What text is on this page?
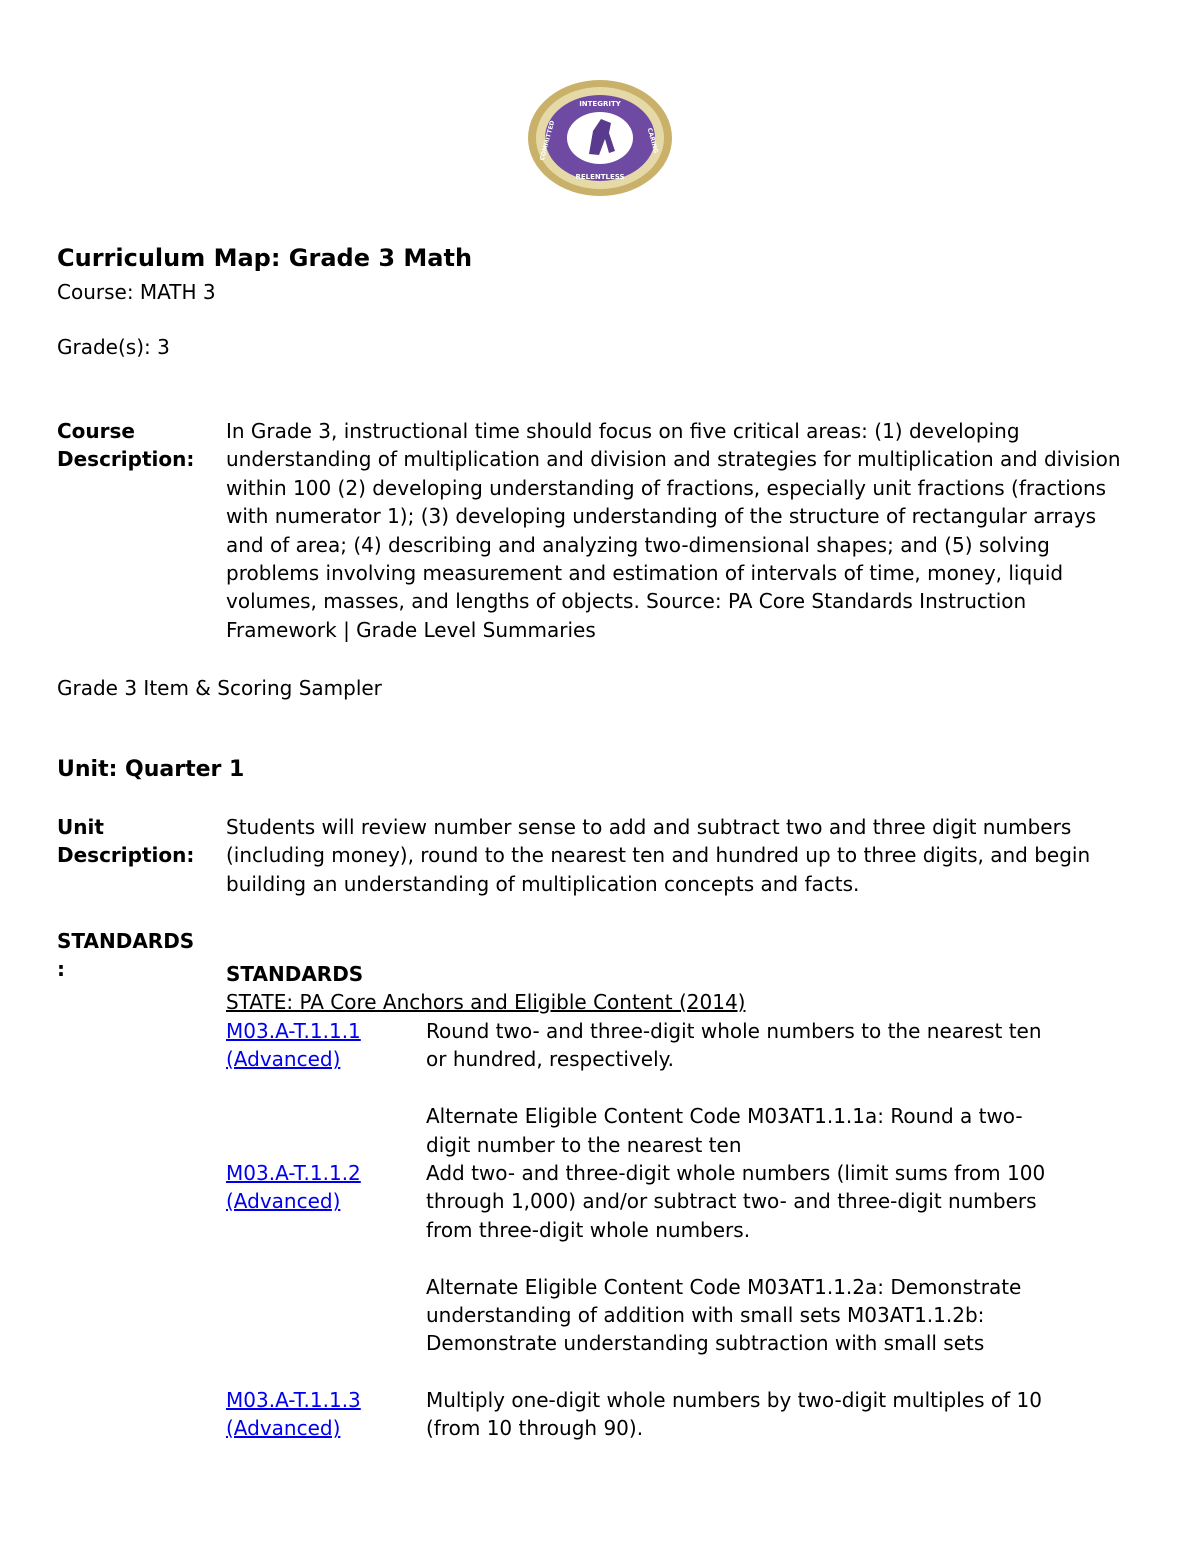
INTEGRITY
RELENTLESS
CARING
COMMITTED
Curriculum Map: Grade 3 Math
Course: MATH 3
Grade(s): 3
Course
Description:
In Grade 3, instructional time should focus on five critical areas: (1) developing understanding of multiplication and division and strategies for multiplication and division within 100 (2) developing understanding of fractions, especially unit fractions (fractions with numerator 1); (3) developing understanding of the structure of rectangular arrays and of area; (4) describing and analyzing two-dimensional shapes; and (5) solving problems involving measurement and estimation of intervals of time, money, liquid volumes, masses, and lengths of objects. Source: PA Core Standards Instruction Framework | Grade Level Summaries
Grade 3 Item & Scoring Sampler
Unit: Quarter 1
Unit
Description:
Students will review number sense to add and subtract two and three digit numbers (including money), round to the nearest ten and hundred up to three digits, and begin building an understanding of multiplication concepts and facts.
STANDARDS
:	STANDARDS
STATE: PA Core Anchors and Eligible Content (2014)
M03.A-T.1.1.1
(Advanced)
Round two- and three-digit whole numbers to the nearest ten or hundred, respectively.
Alternate Eligible Content Code M03AT1.1.1a: Round a two-digit number to the nearest ten
M03.A-T.1.1.2
(Advanced)
Add two- and three-digit whole numbers (limit sums from 100 through 1,000) and/or subtract two- and three-digit numbers from three-digit whole numbers.
Alternate Eligible Content Code M03AT1.1.2a: Demonstrate understanding of addition with small sets M03AT1.1.2b: Demonstrate understanding subtraction with small sets
M03.A-T.1.1.3
(Advanced)
Multiply one-digit whole numbers by two-digit multiples of 10 (from 10 through 90).
